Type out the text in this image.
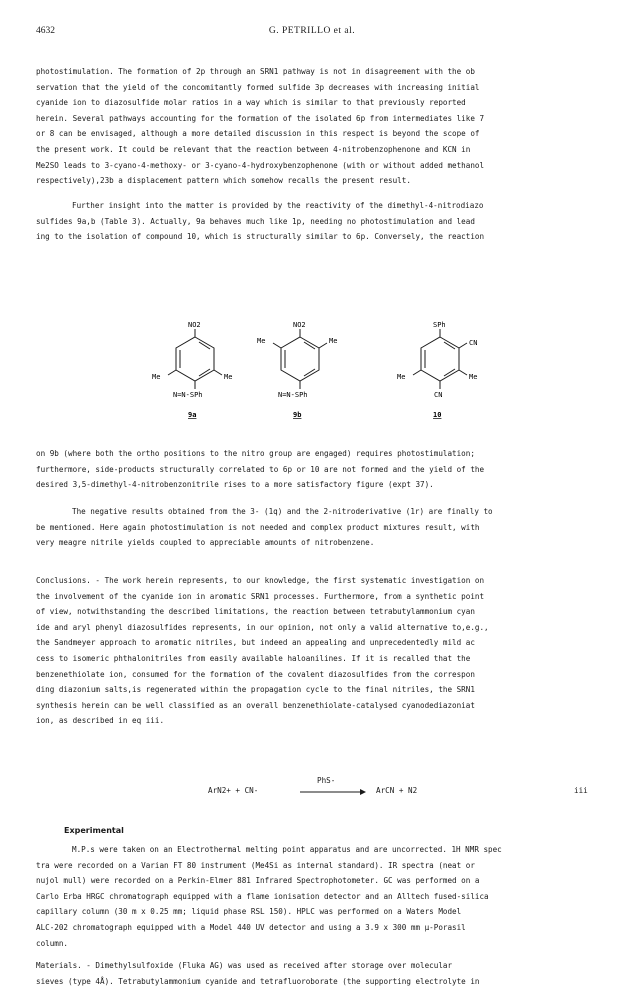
4632	G. PETRILLO et al.

photostimulation. The formation of 2p through an SRN1 pathway is not in disagreement with the ob

servation that the yield of the concomitantly formed sulfide 3p decreases with increasing initial

cyanide ion to diazosulfide molar ratios in a way which is similar to that previously reported

herein. Several pathways accounting for the formation of the isolated 6p from intermediates like 7

or 8 can be envisaged, although a more detailed discussion in this respect is beyond the scope of

the present work. It could be relevant that the reaction between 4-nitrobenzophenone and KCN in

Me2SO leads to 3-cyano-4-methoxy- or 3-cyano-4-hydroxybenzophenone (with or without added methanol

respectively),23b a displacement pattern which somehow recalls the present result.

Further insight into the matter is provided by the reactivity of the dimethyl-4-nitrodiazo

sulfides 9a,b (Table 3). Actually, 9a behaves much like 1p, needing no photostimulation and lead

ing to the isolation of compound 10, which is structurally similar to 6p. Conversely, the reaction

NO2
Me
Me
N=N-SPh
9a
NO2
Me
Me
N=N-SPh
9b
SPh
CN
Me
Me
CN
10

on 9b (where both the ortho positions to the nitro group are engaged) requires photostimulation;

furthermore, side-products structurally correlated to 6p or 10 are not formed and the yield of the

desired 3,5-dimethyl-4-nitrobenzonitrile rises to a more satisfactory figure (expt 37).

The negative results obtained from the 3- (1q) and the 2-nitroderivative (1r) are finally to

be mentioned. Here again photostimulation is not needed and complex product mixtures result, with

very meagre nitrile yields coupled to appreciable amounts of nitrobenzene.

Conclusions. - The work herein represents, to our knowledge, the first systematic investigation on

the involvement of the cyanide ion in aromatic SRN1 processes. Furthermore, from a synthetic point

of view, notwithstanding the described limitations, the reaction between tetrabutylammonium cyan

ide and aryl phenyl diazosulfides represents, in our opinion, not only a valid alternative to,e.g.,

the Sandmeyer approach to aromatic nitriles, but indeed an appealing and unprecedentedly mild ac

cess to isomeric phthalonitriles from easily available haloanilines. If it is recalled that the

benzenethiolate ion, consumed for the formation of the covalent diazosulfides from the correspon

ding diazonium salts,is regenerated within the propagation cycle to the final nitriles, the SRN1

synthesis herein can be well classified as an overall benzenethiolate-catalysed cyanodediazoniat

ion, as described in eq iii.

ArN2+ + CN-
PhS-
ArCN + N2	iii
Experimental

M.P.s were taken on an Electrothermal melting point apparatus and are uncorrected. 1H NMR spec

tra were recorded on a Varian FT 80 instrument (Me4Si as internal standard). IR spectra (neat or

nujol mull) were recorded on a Perkin-Elmer 881 Infrared Spectrophotometer. GC was performed on a

Carlo Erba HRGC chromatograph equipped with a flame ionisation detector and an Alltech fused-silica

capillary column (30 m x 0.25 mm; liquid phase RSL 150). HPLC was performed on a Waters Model

ALC-202 chromatograph equipped with a Model 440 UV detector and using a 3.9 x 300 mm µ-Porasil

column.

Materials. - Dimethylsulfoxide (Fluka AG) was used as received after storage over molecular

sieves (type 4Å). Tetrabutylammonium cyanide and tetrafluoroborate (the supporting electrolyte in
